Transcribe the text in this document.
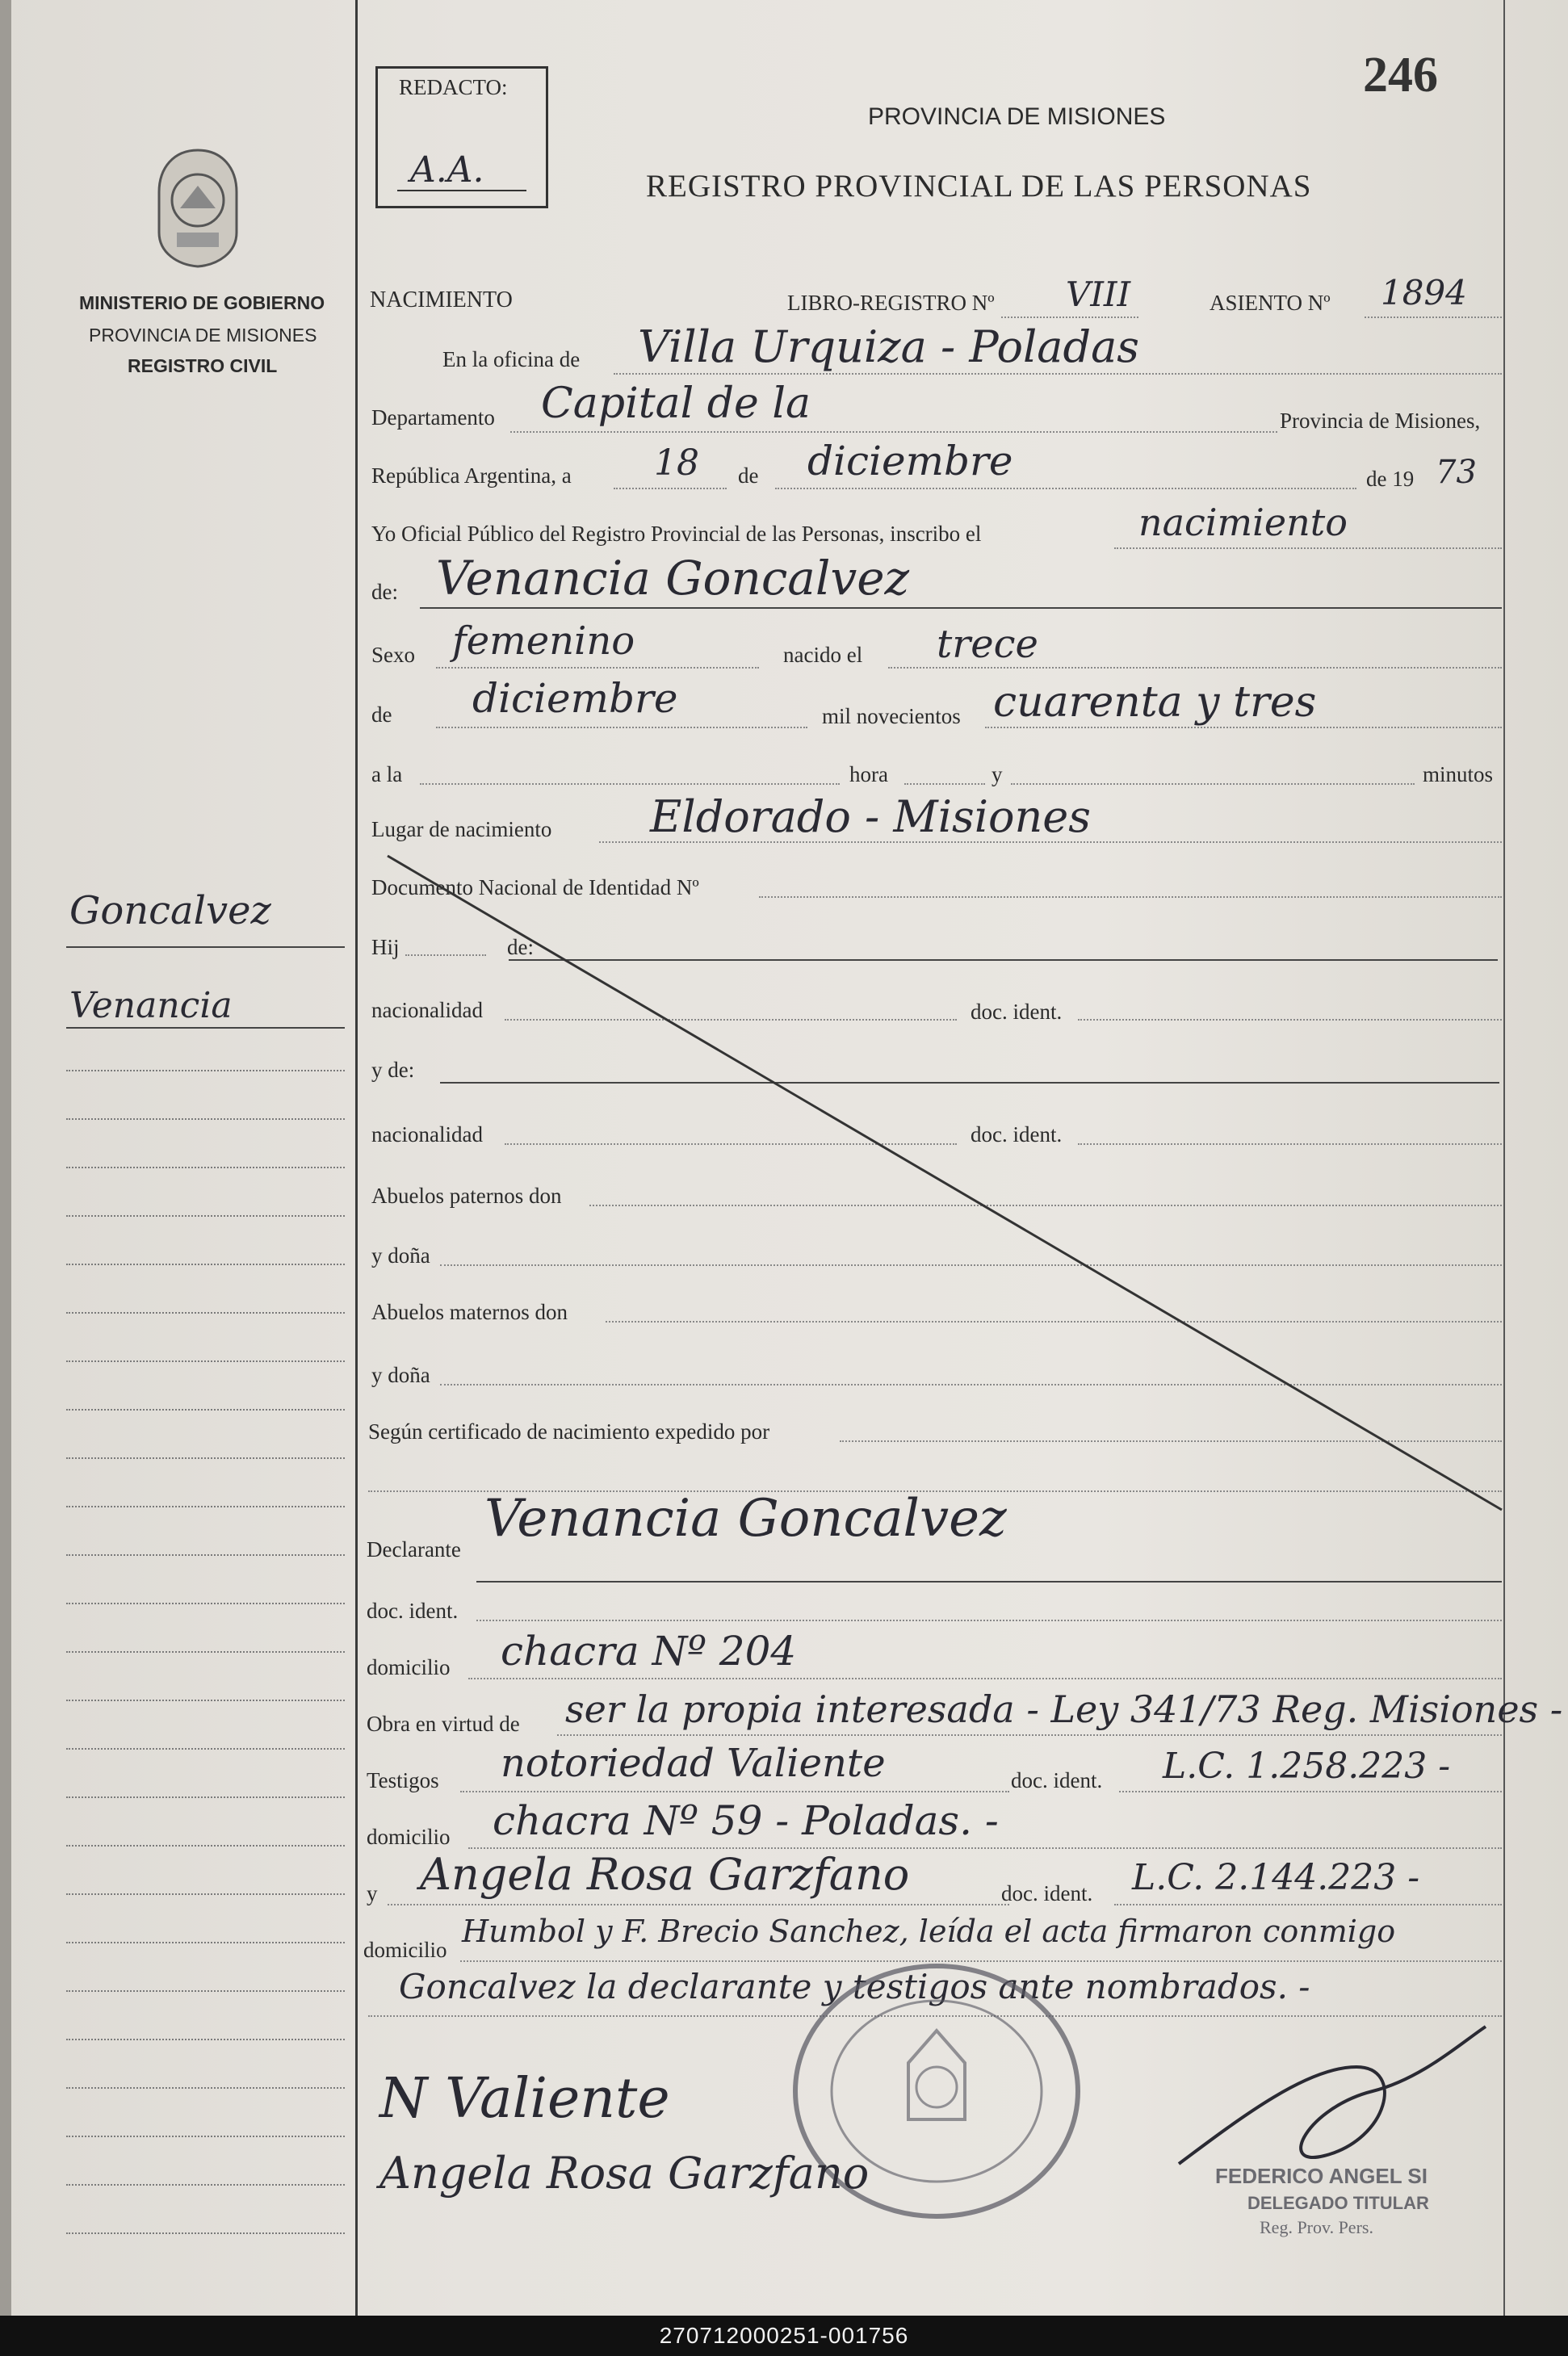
MINISTERIO DE GOBIERNO
PROVINCIA DE MISIONES
REGISTRO CIVIL
Goncalvez
Venancia
REDACTO:
A.A.
246
PROVINCIA DE MISIONES
REGISTRO PROVINCIAL DE LAS PERSONAS
NACIMIENTO	LIBRO-REGISTRO Nº VIII	ASIENTO Nº 1894
En la oficina de Villa Urquiza - Poladas
Departamento Capital de la	Provincia de Misiones,
República Argentina, a 18 de diciembre	de 19 73
Yo Oficial Público del Registro Provincial de las Personas, inscribo el	nacimiento
de: Venancia Goncalvez
Sexo femenino	nacido el trece
de diciembre	mil novecientos cuarenta y tres
a la	hora	y	minutos
Lugar de nacimiento Eldorado - Misiones
Documento Nacional de Identidad Nº
Hij	de:
nacionalidad	doc. ident.
y de:
nacionalidad	doc. ident.
Abuelos paternos don
y doña
Abuelos maternos don
y doña
Según certificado de nacimiento expedido por
Declarante
Venancia Goncalvez
doc. ident.
domicilio chacra Nº 204
Obra en virtud de ser la propia interesada - Ley 341/73 Reg. Misiones -
Testigos notoriedad Valiente	doc. ident. L.C. 1.258.223 -
domicilio chacra Nº 59 - Poladas. -
y Angela Rosa Garzfano	doc. ident. L.C. 2.144.223 -
domicilio
Humbol y F. Brecio Sanchez, leída el acta firmaron conmigo
Goncalvez la declarante y testigos ante nombrados. -
N Valiente
Angela Rosa Garzfano	FEDERICO ANGEL SI
DELEGADO TITULAR
Reg. Prov. Pers.
270712000251-001756
